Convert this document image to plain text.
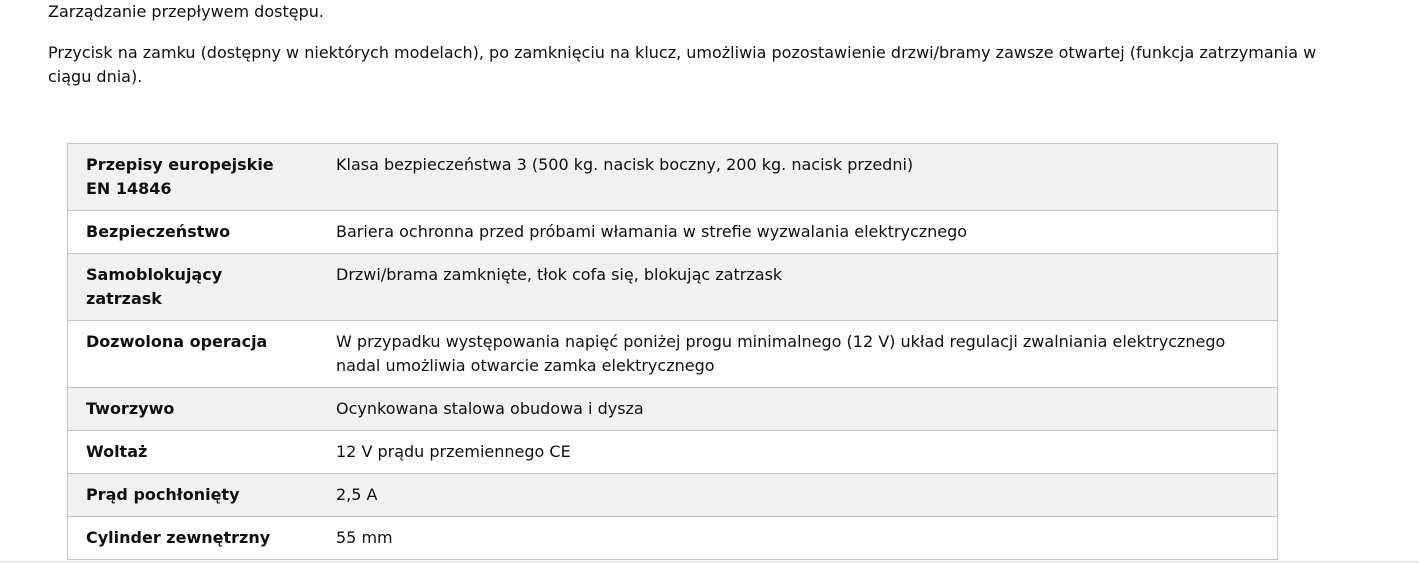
Zarządzanie przepływem dostępu.

Przycisk na zamku (dostępny w niektórych modelach), po zamknięciu na klucz, umożliwia pozostawienie drzwi/bramy zawsze otwartej (funkcja zatrzymania w ciągu dnia).

Przepisy europejskie EN 14846	Klasa bezpieczeństwa 3 (500 kg. nacisk boczny, 200 kg. nacisk przedni)
Bezpieczeństwo	Bariera ochronna przed próbami włamania w strefie wyzwalania elektrycznego
Samoblokujący zatrzask	Drzwi/brama zamknięte, tłok cofa się, blokując zatrzask
Dozwolona operacja	W przypadku występowania napięć poniżej progu minimalnego (12 V) układ regulacji zwalniania elektrycznego nadal umożliwia otwarcie zamka elektrycznego
Tworzywo	Ocynkowana stalowa obudowa i dysza
Woltaż	12 V prądu przemiennego CE
Prąd pochłonięty	2,5 A
Cylinder zewnętrzny	55 mm
